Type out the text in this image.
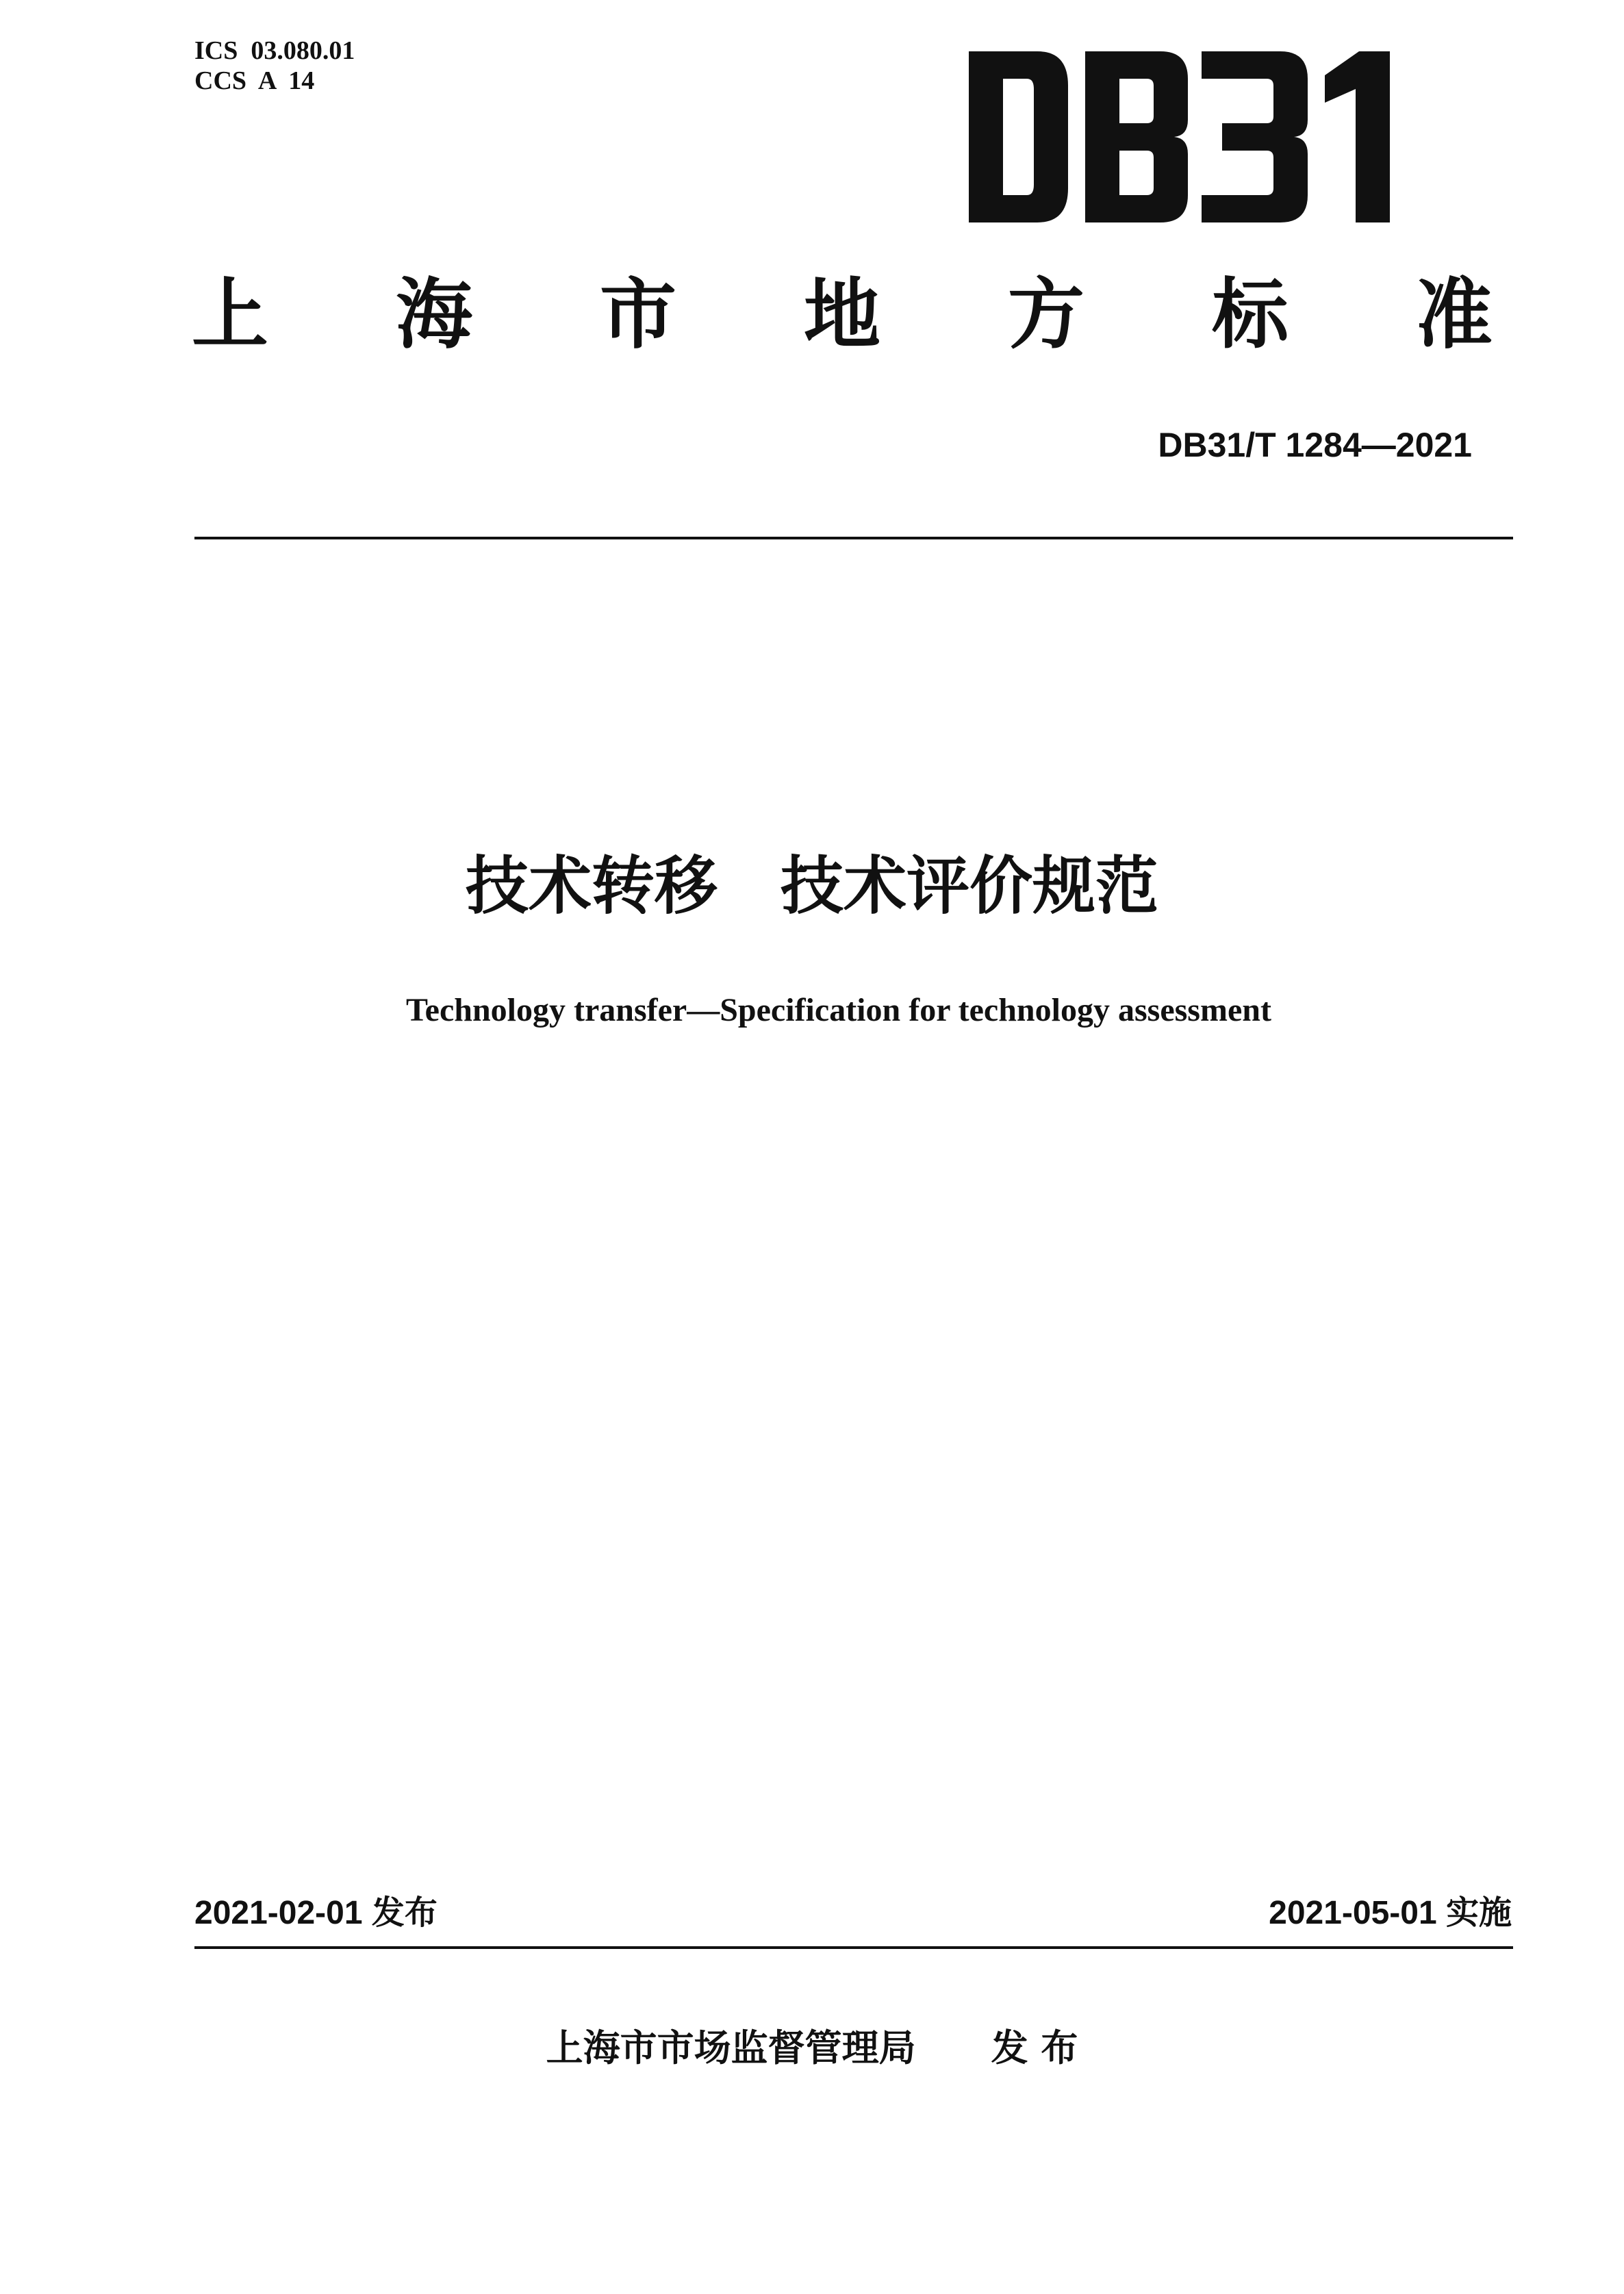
ICS  03.080.01
CCS  A  14
上 海 市 地 方 标 准
DB31/T 1284—2021
技术转移 技术评价规范
Technology transfer—Specification for technology assessment
2021-02-01 发布	2021-05-01 实施
上海市市场监督管理局 发 布
